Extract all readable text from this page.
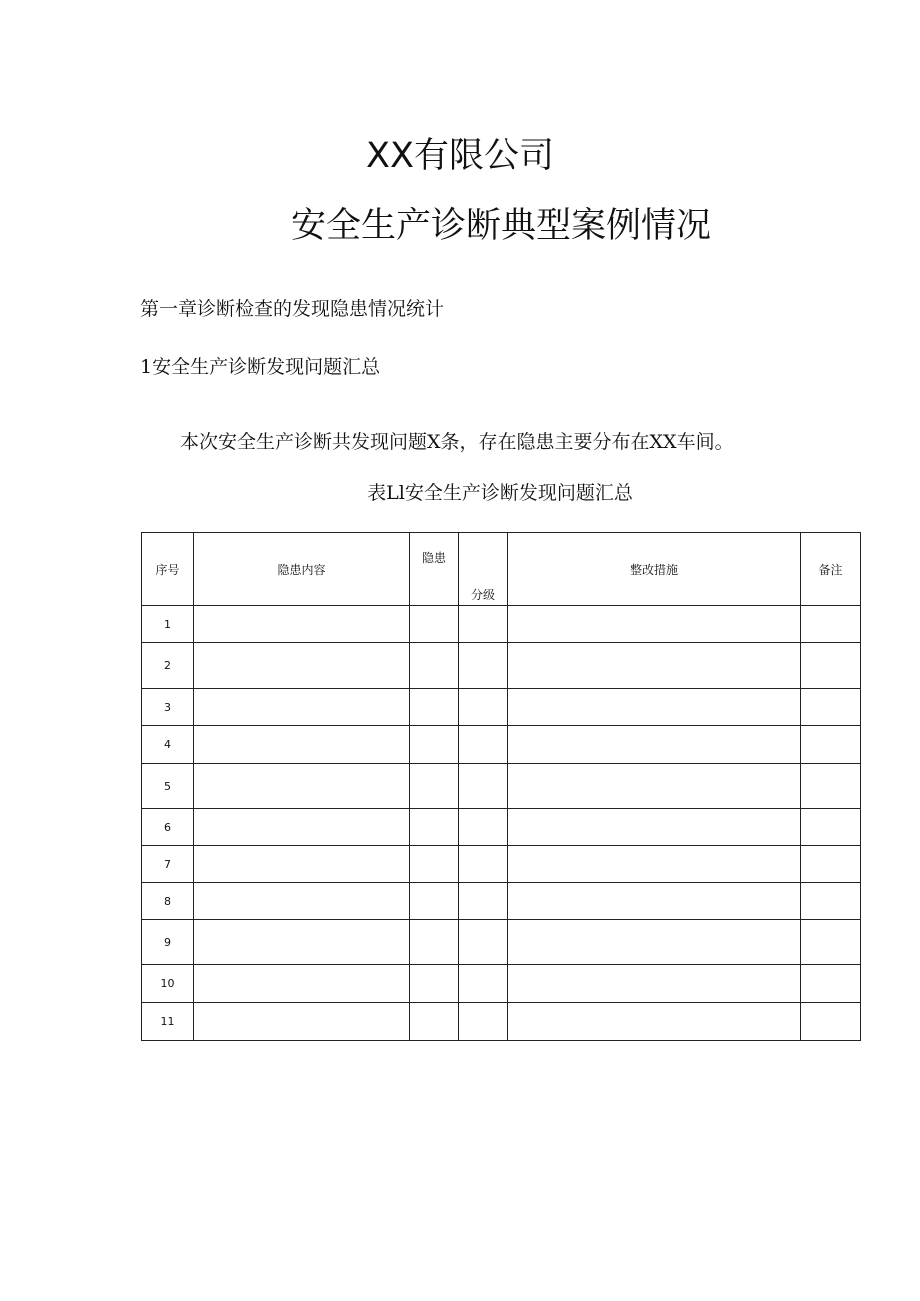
XX有限公司
安全生产诊断典型案例情况
第一章诊断检查的发现隐患情况统计
1安全生产诊断发现问题汇总
本次安全生产诊断共发现问题X条，存在隐患主要分布在XX车间。
表Ll安全生产诊断发现问题汇总
序号	隐患内容	隐患	分级	整改措施	备注
1					
2					
3					
4					
5					
6					
7					
8					
9					
10					
11					
